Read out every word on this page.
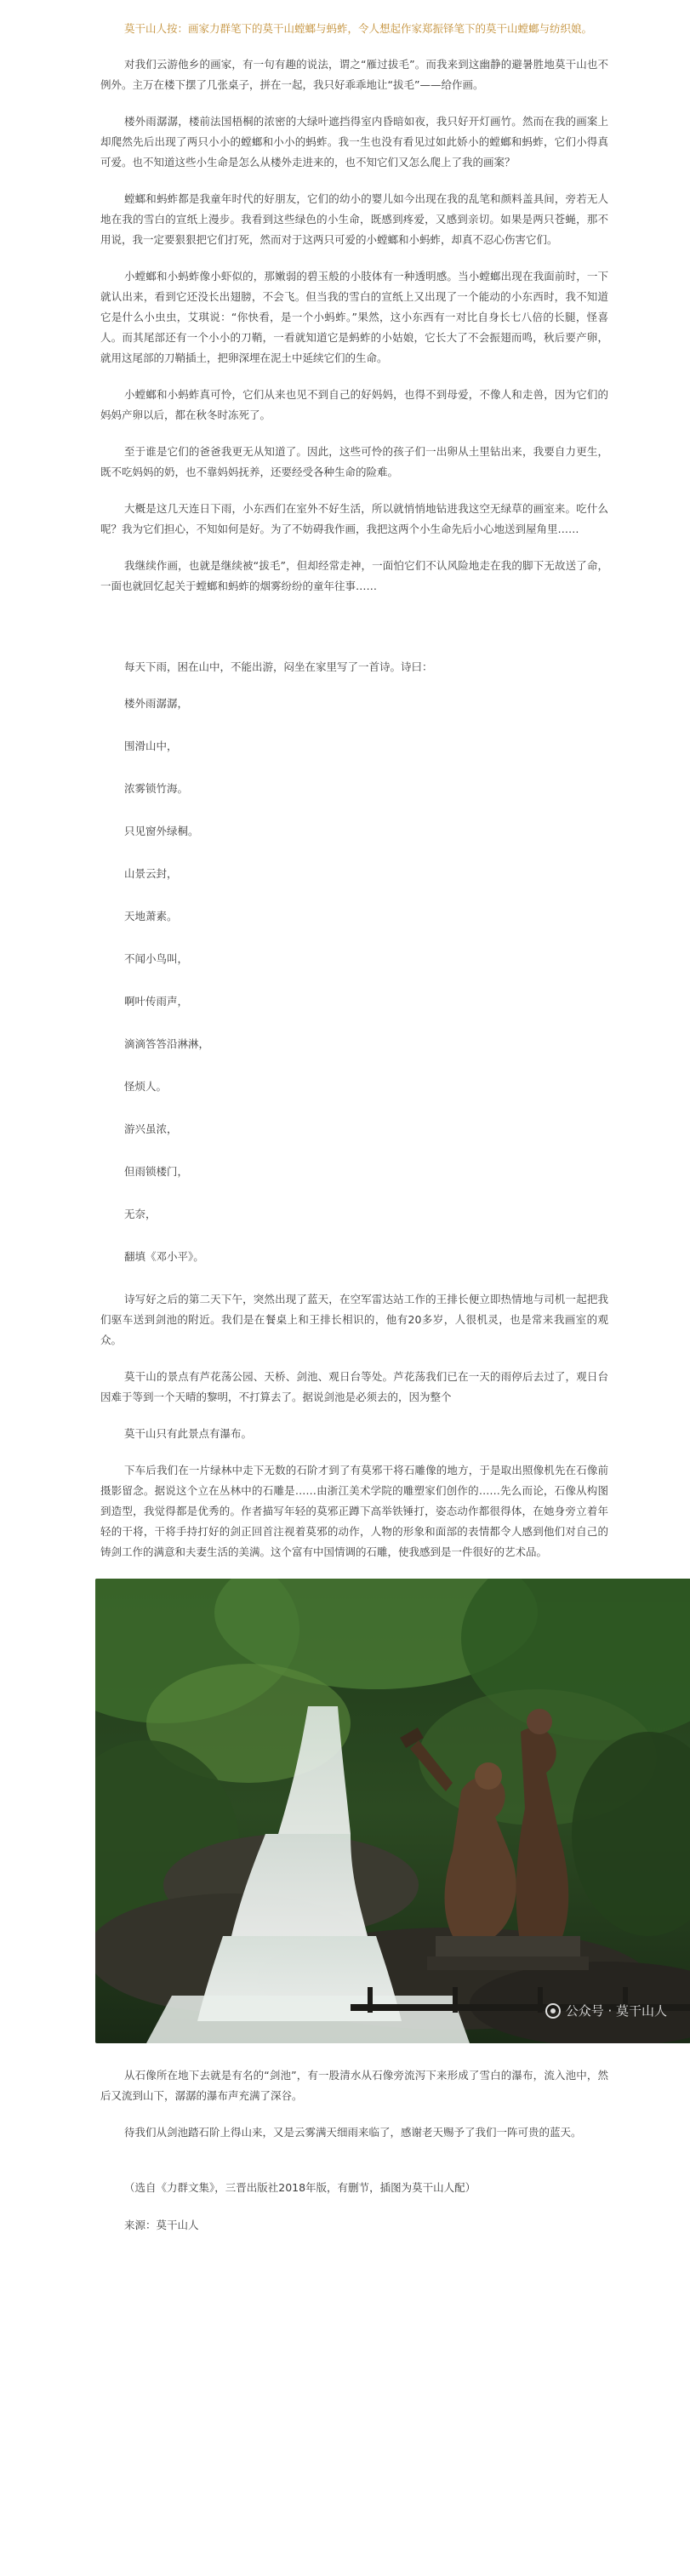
莫干山人按：画家力群笔下的莫干山螳螂与蚂蚱，令人想起作家郑振铎笔下的莫干山螳螂与纺织娘。

对我们云游他乡的画家，有一句有趣的说法，谓之“雁过拔毛”。而我来到这幽静的避暑胜地莫干山也不例外。主万在楼下摆了几张桌子，拼在一起，我只好乖乖地让“拔毛”——给作画。

楼外雨潺潺，楼前法国梧桐的浓密的大绿叶遮挡得室内昏暗如夜，我只好开灯画竹。然而在我的画案上却爬然先后出现了两只小小的螳螂和小小的蚂蚱。我一生也没有看见过如此娇小的螳螂和蚂蚱，它们小得真可爱。也不知道这些小生命是怎么从楼外走进来的，也不知它们又怎么爬上了我的画案？

螳螂和蚂蚱都是我童年时代的好朋友，它们的幼小的婴儿如今出现在我的乱笔和颜料盖具间，旁若无人地在我的雪白的宣纸上漫步。我看到这些绿色的小生命，既感到疼爱，又感到亲切。如果是两只苍蝇，那不用说，我一定要狠狠把它们打死，然而对于这两只可爱的小螳螂和小蚂蚱，却真不忍心伤害它们。

小螳螂和小蚂蚱像小虾似的，那嫩弱的碧玉般的小肢体有一种透明感。当小螳螂出现在我面前时，一下就认出来，看到它还没长出翅膀，不会飞。但当我的雪白的宣纸上又出现了一个能动的小东西时，我不知道它是什么小虫虫，艾琪说：“你快看，是一个小蚂蚱。”果然，这小东西有一对比自身长七八倍的长腿，怪喜人。而其尾部还有一个小小的刀鞘，一看就知道它是蚂蚱的小姑娘，它长大了不会振翅而鸣，秋后要产卵，就用这尾部的刀鞘插土，把卵深埋在泥土中延续它们的生命。

小螳螂和小蚂蚱真可怜，它们从来也见不到自己的好妈妈，也得不到母爱，不像人和走兽，因为它们的妈妈产卵以后，都在秋冬时冻死了。

至于谁是它们的爸爸我更无从知道了。因此，这些可怜的孩子们一出卵从土里钻出来，我要自力更生，既不吃妈妈的奶，也不靠妈妈抚养，还要经受各种生命的险难。

大概是这几天连日下雨，小东西们在室外不好生活，所以就悄悄地钻进我这空无绿草的画室来。吃什么呢？我为它们担心，不知如何是好。为了不妨碍我作画，我把这两个小生命先后小心地送到屋角里……

我继续作画，也就是继续被“拔毛”，但却经常走神，一面怕它们不认风险地走在我的脚下无故送了命，一面也就回忆起关于螳螂和蚂蚱的烟雾纷纷的童年往事……

每天下雨，困在山中，不能出游，闷坐在家里写了一首诗。诗曰：

楼外雨潺潺，

围滑山中，

浓雾锁竹海。

只见窗外绿桐。

山景云封，

天地萧素。

不闻小鸟叫，

啊叶传雨声，

滴滴答答沿淋淋，

怪烦人。

游兴虽浓，

但雨锁楼门，

无奈，

翻填《邓小平》。

诗写好之后的第二天下午，突然出现了蓝天，在空军雷达站工作的王排长便立即热情地与司机一起把我们驱车送到剑池的附近。我们是在餐桌上和王排长相识的，他有20多岁，人很机灵，也是常来我画室的观众。

莫干山的景点有芦花荡公园、天桥、剑池、观日台等处。芦花荡我们已在一天的雨停后去过了，观日台因难于等到一个天晴的黎明，不打算去了。据说剑池是必须去的，因为整个

莫干山只有此景点有瀑布。

下车后我们在一片绿林中走下无数的石阶才到了有莫邪干将石雕像的地方，于是取出照像机先在石像前摄影留念。据说这个立在丛林中的石雕是……由浙江美术学院的雕塑家们创作的……先么而论，石像从构图到造型，我觉得都是优秀的。作者描写年轻的莫邪正蹲下高举铁锤打，姿态动作都很得体，在她身旁立着年轻的干将，干将手持打好的剑正回首注视着莫邪的动作，人物的形象和面部的表情都令人感到他们对自己的铸剑工作的满意和夫妻生活的美满。这个富有中国情调的石雕，使我感到是一件很好的艺术品。

公众号 · 莫干山人

从石像所在地下去就是有名的“剑池”，有一股清水从石像旁流泻下来形成了雪白的瀑布，流入池中，然后又流到山下，潺潺的瀑布声充满了深谷。

待我们从剑池踏石阶上得山来，又是云雾满天细雨来临了，感谢老天赐予了我们一阵可贵的蓝天。

（选自《力群文集》，三晋出版社2018年版，有删节，插图为莫干山人配）

来源：莫干山人
